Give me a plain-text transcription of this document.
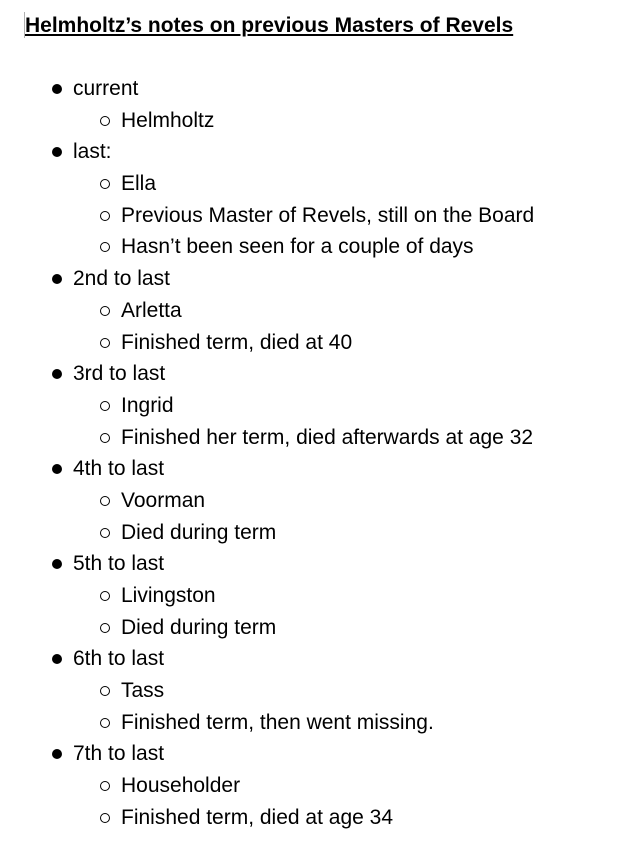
Helmholtz’s notes on previous Masters of Revels
current
Helmholtz
last:
Ella
Previous Master of Revels, still on the Board
Hasn’t been seen for a couple of days
2nd to last
Arletta
Finished term, died at 40
3rd to last
Ingrid
Finished her term, died afterwards at age 32
4th to last
Voorman
Died during term
5th to last
Livingston
Died during term
6th to last
Tass
Finished term, then went missing.
7th to last
Householder
Finished term, died at age 34
